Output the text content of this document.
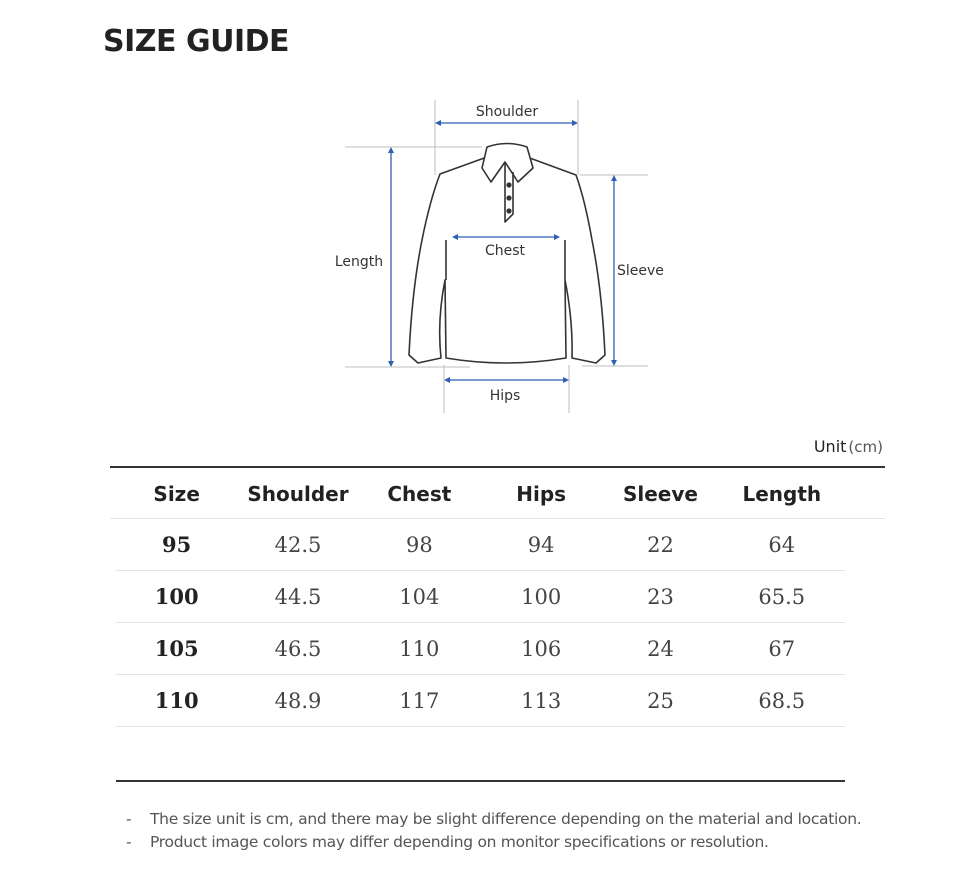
SIZE GUIDE
Shoulder
Chest
Length
Sleeve
Hips
Unit (cm)
Size	Shoulder	Chest	Hips	Sleeve	Length
95	42.5	98	94	22	64
100	44.5	104	100	23	65.5
105	46.5	110	106	24	67
110	48.9	117	113	25	68.5
- The size unit is cm, and there may be slight difference depending on the material and location.
- Product image colors may differ depending on monitor specifications or resolution.
